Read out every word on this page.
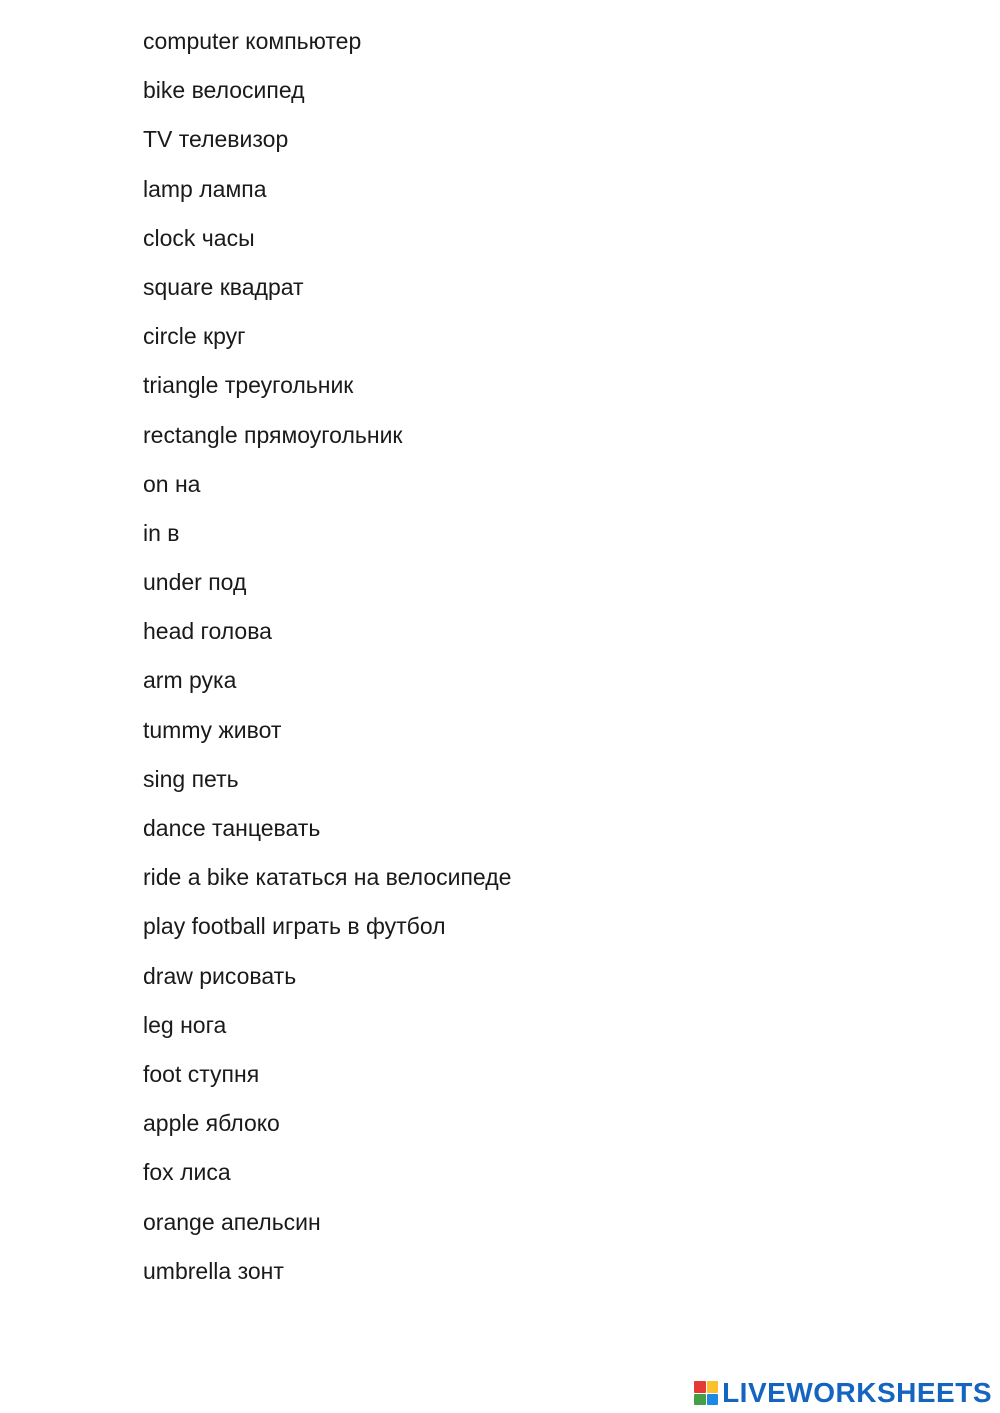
computer компьютер
bike велосипед
TV телевизор
lamp лампа
clock часы
square квадрат
circle круг
triangle треугольник
rectangle прямоугольник
on на
in в
under под
head голова
arm рука
tummy живот
sing петь
dance танцевать
ride a bike кататься на велосипеде
play football играть в футбол
draw рисовать
leg нога
foot ступня
apple яблоко
fox лиса
orange апельсин
umbrella зонт
LIVEWORKSHEETS
